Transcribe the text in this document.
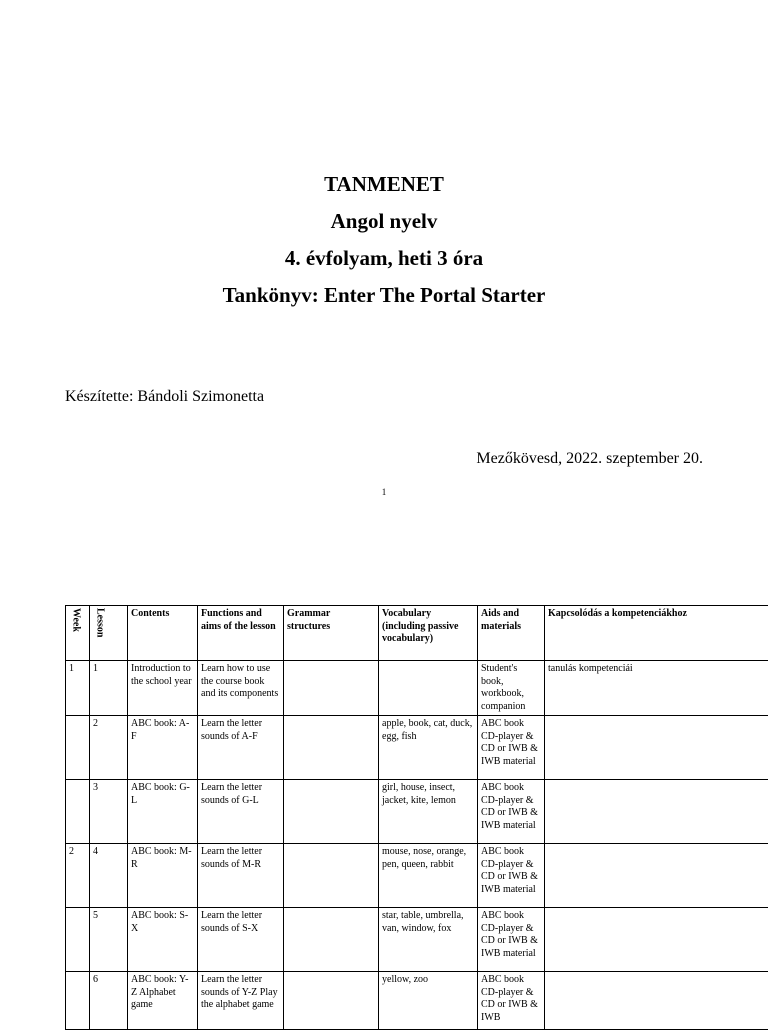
TANMENET
Angol nyelv
4. évfolyam, heti 3 óra
Tankönyv: Enter The Portal Starter
Készítette: Bándoli Szimonetta
Mezőkövesd, 2022. szeptember 20.
1
Week	Lesson	Contents	Functions and aims of the lesson	Grammar structures	Vocabulary (including passive vocabulary)	Aids and materials	Kapcsolódás a kompetenciákhoz
1	1	Introduction to the school year	Learn how to use the course book and its components			Student's book, workbook, companion	tanulás kompetenciái
	2	ABC book: A-F	Learn the letter sounds of A-F		apple, book, cat, duck, egg, fish	ABC book CD-player & CD or IWB & IWB material	
	3	ABC book: G-L	Learn the letter sounds of G-L		girl, house, insect, jacket, kite, lemon	ABC book CD-player & CD or IWB & IWB material	
2	4	ABC book: M-R	Learn the letter sounds of M-R		mouse, nose, orange, pen, queen, rabbit	ABC book CD-player & CD or IWB & IWB material	
	5	ABC book: S-X	Learn the letter sounds of S-X		star, table, umbrella, van, window, fox	ABC book CD-player & CD or IWB & IWB material	
	6	ABC book: Y-Z Alphabet game	Learn the letter sounds of Y-Z Play the alphabet game		yellow, zoo	ABC book CD-player & CD or IWB & IWB	
